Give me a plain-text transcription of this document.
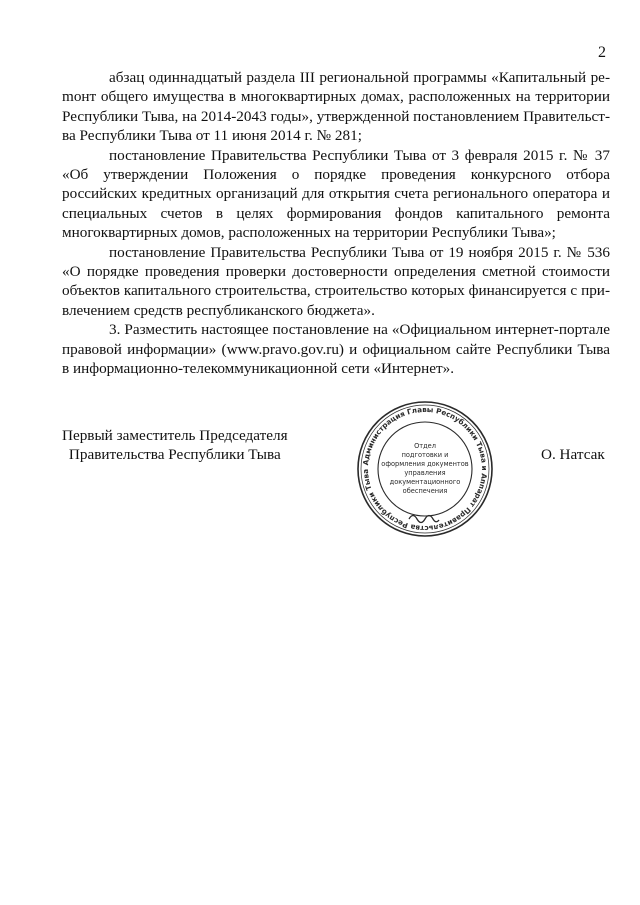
2

абзац одиннадцатый раздела III региональной программы «Капитальный реmонт общего имущества в многоквартирных домах, расположенных на территории Республики Тыва, на 2014-2043 годы», утвержденной постановлением Правительства Республики Тыва от 11 июня 2014 г. № 281;

постановление Правительства Республики Тыва от 3 февраля 2015 г. № 37 «Об утверждении Положения о порядке проведения конкурсного отбора российских кредитных организаций для открытия счета регионального оператора и специальных счетов в целях формирования фондов капитального ремонта многоквартирных домов, расположенных на территории Республики Тыва»;

постановление Правительства Республики Тыва от 19 ноября 2015 г. № 536 «О порядке проведения проверки достоверности определения сметной стоимости объектов капитального строительства, строительство которых финансируется с привлечением средств республиканского бюджета».

3. Разместить настоящее постановление на «Официальном интернет-портале правовой информации» (www.pravo.gov.ru) и официальном сайте Республики Тыва в информационно-телекоммуникационной сети «Интернет».

Первый заместитель Председателя
Правительства Республики Тыва	О. Натсак
Администрация Главы Республики Тыва и Аппарат Правительства Республики Тыва
Отдел
подготовки и
оформления документов
управления
документационного
обеспечения
